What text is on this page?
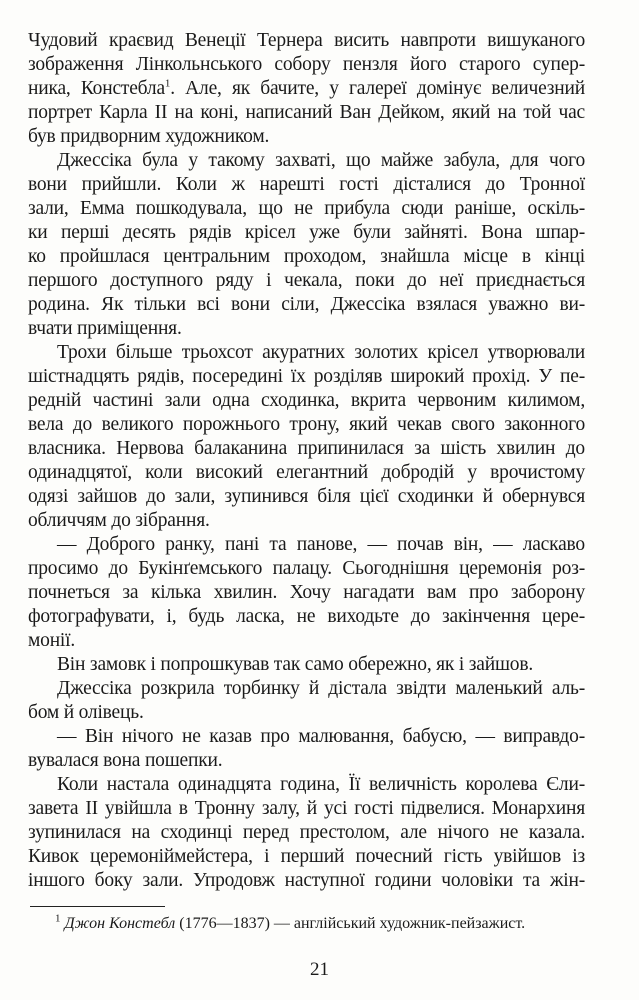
Чудовий краєвид Венеції Тернера висить навпроти вишуканого
зображення Лінкольнського собору пензля його старого супер-
ника, Констебла$^1$. Але, як бачите, у галереї домінує величезний
портрет Карла II на коні, написаний Ван Дейком, який на той час
був придворним художником.
Джессіка була у такому захваті, що майже забула, для чого
вони прийшли. Коли ж нарешті гості дісталися до Тронної
зали, Емма пошкодувала, що не прибула сюди раніше, оскіль-
ки перші десять рядів крісел уже були зайняті. Вона шпар-
ко пройшлася центральним проходом, знайшла місце в кінці
першого доступного ряду і чекала, поки до неї приєднається
родина. Як тільки всі вони сіли, Джессіка взялася уважно ви-
вчати приміщення.
Трохи більше трьохсот акуратних золотих крісел утворювали
шістнадцять рядів, посередині їх розділяв широкий прохід. У пе-
редній частині зали одна сходинка, вкрита червоним килимом,
вела до великого порожнього трону, який чекав свого законного
власника. Нервова балаканина припинилася за шість хвилин до
одинадцятої, коли високий елегантний добродій у врочистому
одязі зайшов до зали, зупинився біля цієї сходинки й обернувся
обличчям до зібрання.
— Доброго ранку, пані та панове, — почав він, — ласкаво
просимо до Букінґемського палацу. Сьогоднішня церемонія роз-
почнеться за кілька хвилин. Хочу нагадати вам про заборону
фотографувати, і, будь ласка, не виходьте до закінчення цере-
монії.
Він замовк і попрошкував так само обережно, як і зайшов.
Джессіка розкрила торбинку й дістала звідти маленький аль-
бом й олівець.
— Він нічого не казав про малювання, бабусю, — виправдо-
вувалася вона пошепки.
Коли настала одинадцята година, Її величність королева Єли-
завета II увійшла в Тронну залу, й усі гості підвелися. Монархиня
зупинилася на сходинці перед престолом, але нічого не казала.
Кивок церемоніймейстера, і перший почесний гість увійшов із
іншого боку зали. Упродовж наступної години чоловіки та жін-
$^1$ Джон Констебл (1776—1837) — англійський художник-пейзажист.
21
